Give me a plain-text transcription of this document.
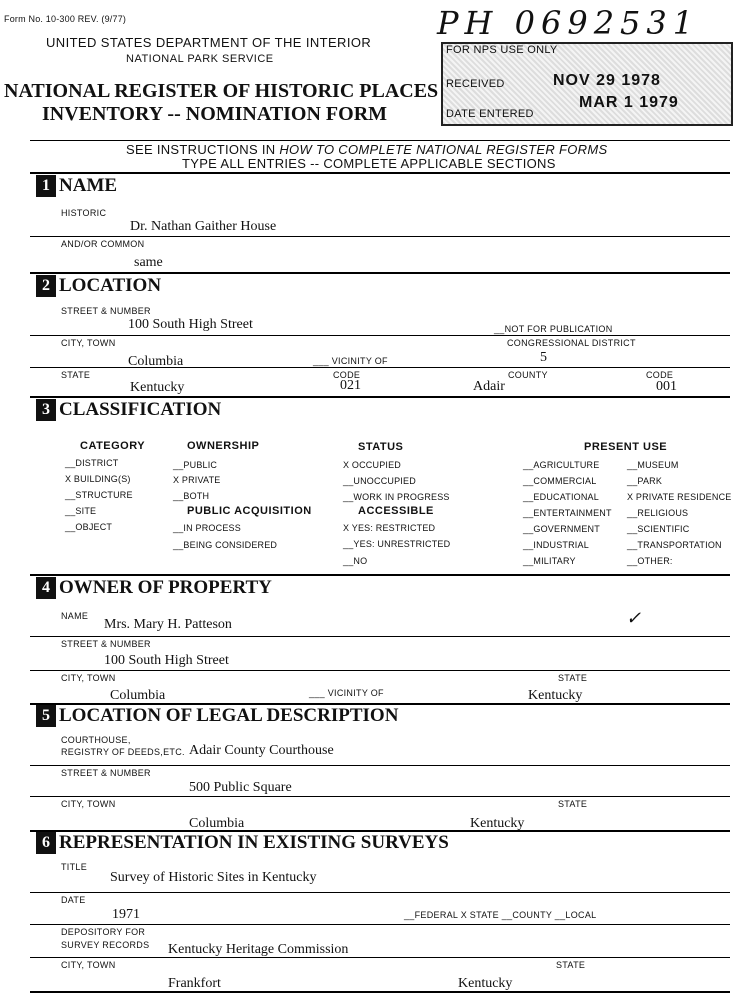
Form No. 10-300 REV. (9/77)
UNITED STATES DEPARTMENT OF THE INTERIOR
NATIONAL PARK SERVICE
NATIONAL REGISTER OF HISTORIC PLACES
INVENTORY -- NOMINATION FORM
PH 0692531
FOR NPS USE ONLY
RECEIVED	NOV 29 1978
DATE ENTERED
MAR 1 1979
SEE INSTRUCTIONS IN HOW TO COMPLETE NATIONAL REGISTER FORMS
TYPE ALL ENTRIES -- COMPLETE APPLICABLE SECTIONS
1 NAME
HISTORIC
Dr. Nathan Gaither House
AND/OR COMMON
same
2 LOCATION
STREET & NUMBER
100 South High Street	__NOT FOR PUBLICATION
CITY, TOWN	CONGRESSIONAL DISTRICT
5
Columbia	___ VICINITY OF
STATE	CODE	COUNTY	CODE
Kentucky	021	Adair	001
3 CLASSIFICATION
CATEGORY
__DISTRICT
X BUILDING(S)
__STRUCTURE
__SITE
__OBJECT
OWNERSHIP
__PUBLIC
X PRIVATE
__BOTH
PUBLIC ACQUISITION
__IN PROCESS
__BEING CONSIDERED
STATUS
X OCCUPIED
__UNOCCUPIED
__WORK IN PROGRESS
ACCESSIBLE
X YES: RESTRICTED
__YES: UNRESTRICTED
__NO
PRESENT USE
__AGRICULTURE
__COMMERCIAL
__EDUCATIONAL
__ENTERTAINMENT
__GOVERNMENT
__INDUSTRIAL
__MILITARY
__MUSEUM
__PARK
X PRIVATE RESIDENCE
__RELIGIOUS
__SCIENTIFIC
__TRANSPORTATION
__OTHER:
4 OWNER OF PROPERTY
NAME
Mrs. Mary H. Patteson	✓
STREET & NUMBER
100 South High Street
CITY, TOWN	STATE
Columbia	___ VICINITY OF	Kentucky
5 LOCATION OF LEGAL DESCRIPTION
COURTHOUSE,
REGISTRY OF DEEDS,ETC. Adair County Courthouse
STREET & NUMBER
500 Public Square
CITY, TOWN	STATE
Columbia	Kentucky
6 REPRESENTATION IN EXISTING SURVEYS
TITLE
Survey of Historic Sites in Kentucky
DATE
1971	__FEDERAL X STATE __COUNTY __LOCAL
DEPOSITORY FOR
SURVEY RECORDS Kentucky Heritage Commission
CITY, TOWN	STATE
Frankfort	Kentucky
